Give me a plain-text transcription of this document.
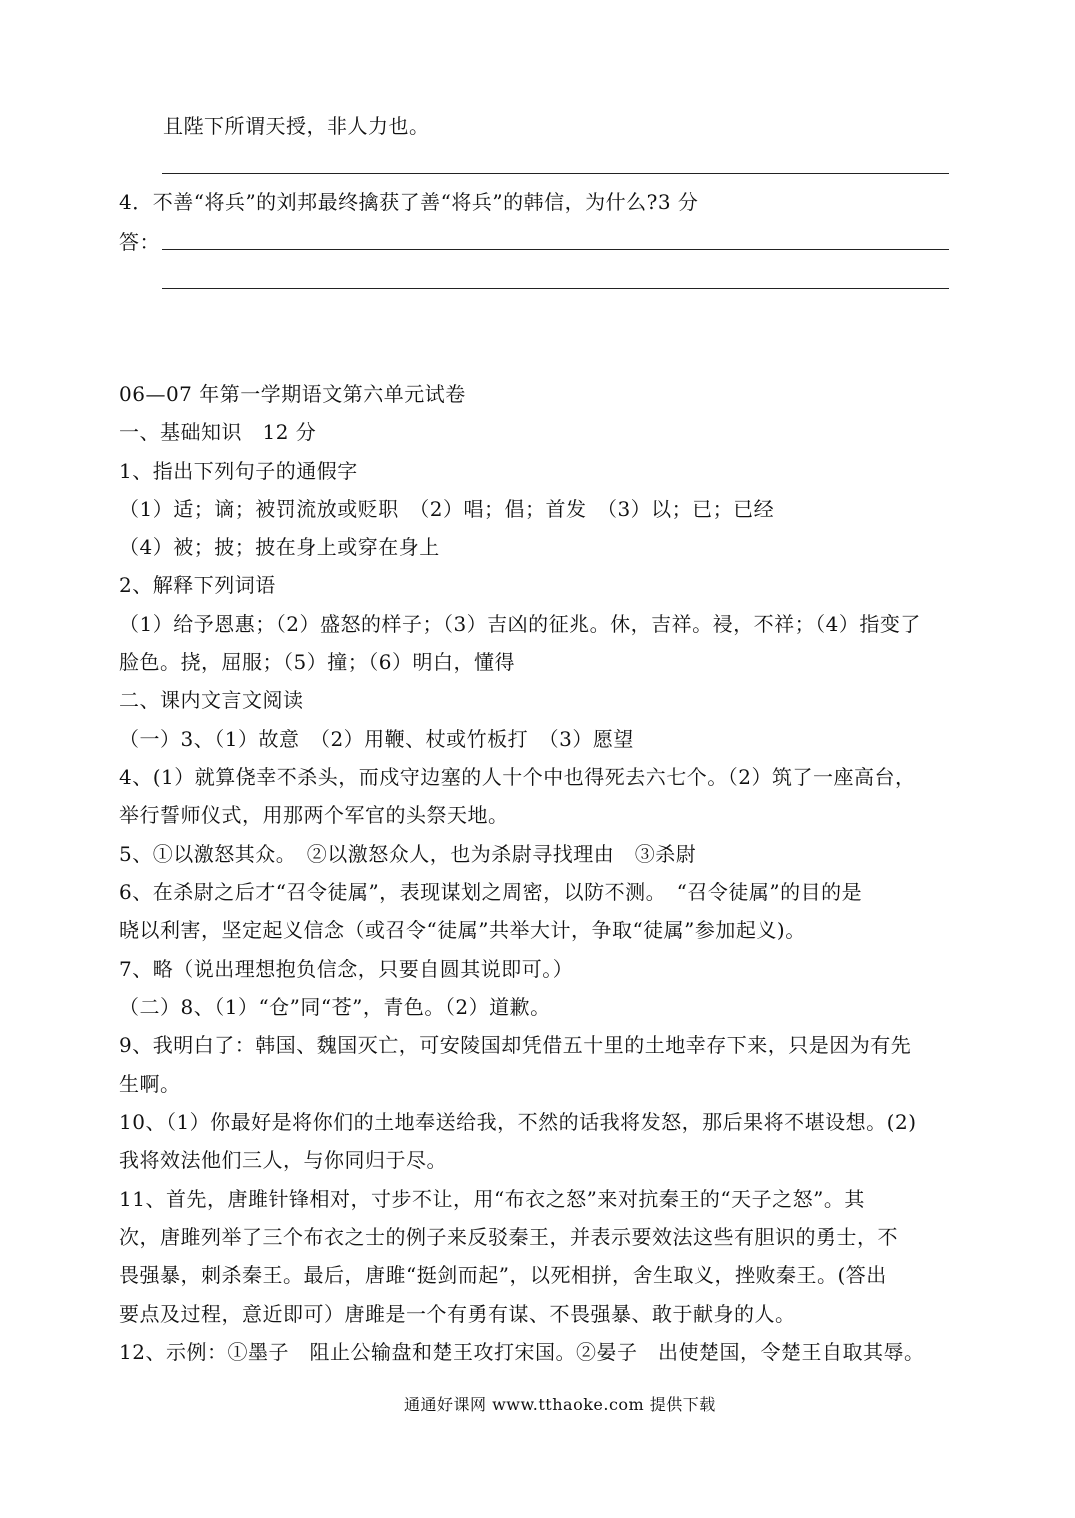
且陛下所谓天授，非人力也。
4．不善“将兵”的刘邦最终擒获了善“将兵”的韩信，为什么?3 分
答：
06—07 年第一学期语文第六单元试卷
一、基础知识　12 分
1、指出下列句子的通假字
（1）适；谪；被罚流放或贬职　（2）唱；倡；首发　（3）以；已；已经
（4）被；披；披在身上或穿在身上
2、解释下列词语
（1）给予恩惠；（2）盛怒的样子；（3）吉凶的征兆。休，吉祥。祲，不祥；（4）指变了
脸色。挠，屈服；（5）撞；（6）明白，懂得
二、课内文言文阅读
（一）3、（1）故意　（2）用鞭、杖或竹板打　（3）愿望
4、(1）就算侥幸不杀头，而戍守边塞的人十个中也得死去六七个。（2）筑了一座高台，
举行誓师仪式，用那两个军官的头祭天地。
5、①以激怒其众。　②以激怒众人，也为杀尉寻找理由　③杀尉
6、在杀尉之后才“召令徒属”，表现谋划之周密，以防不测。　“召令徒属”的目的是
晓以利害，坚定起义信念（或召令“徒属”共举大计，争取“徒属”参加起义)。
7、略（说出理想抱负信念，只要自圆其说即可。）
（二）8、（1）“仓”同“苍”，青色。（2）道歉。
9、我明白了：韩国、魏国灭亡，可安陵国却凭借五十里的土地幸存下来，只是因为有先
生啊。
10、（1）你最好是将你们的土地奉送给我，不然的话我将发怒，那后果将不堪设想。(2)
我将效法他们三人，与你同归于尽。
11、首先，唐雎针锋相对，寸步不让，用“布衣之怒”来对抗秦王的“天子之怒”。其
次，唐雎列举了三个布衣之士的例子来反驳秦王，并表示要效法这些有胆识的勇士，不
畏强暴，刺杀秦王。最后，唐雎“挺剑而起”，以死相拼，舍生取义，挫败秦王。(答出
要点及过程，意近即可）唐雎是一个有勇有谋、不畏强暴、敢于献身的人。
12、示例：①墨子　阻止公输盘和楚王攻打宋国。②晏子　出使楚国，令楚王自取其辱。
通通好课网 www.tthaoke.com 提供下载
